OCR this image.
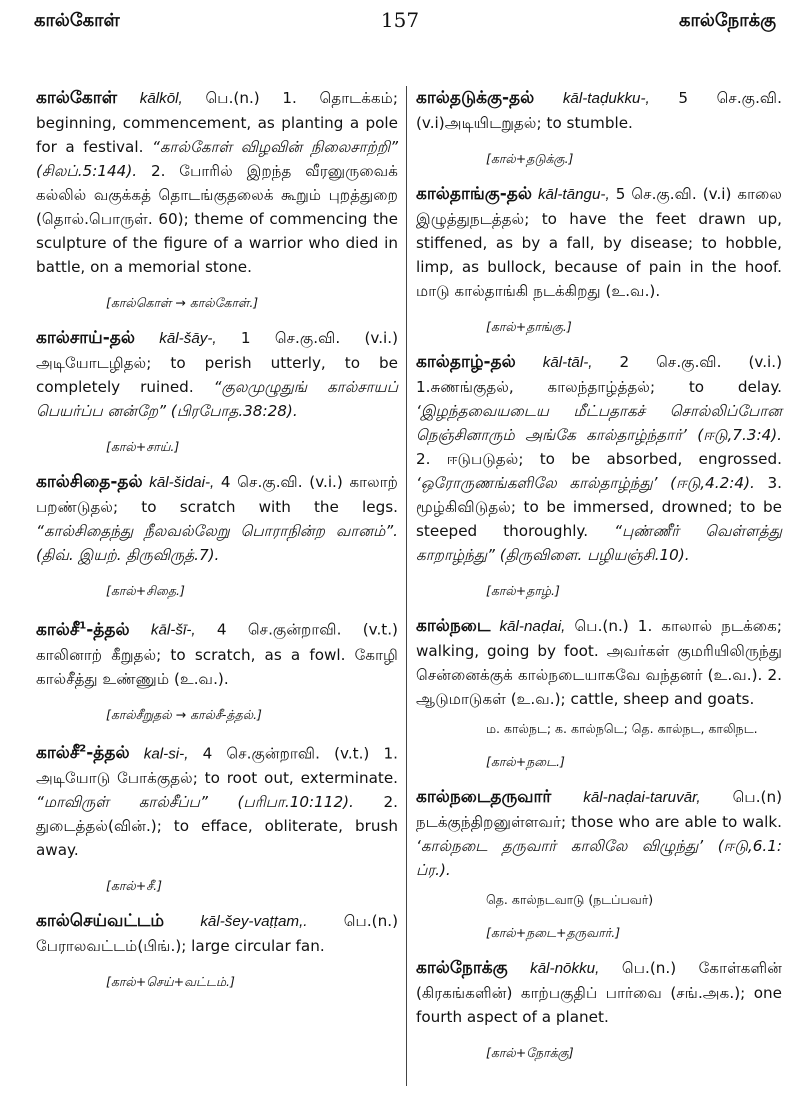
கால்கோள்	157	கால்நோக்கு

கால்கோள் kālkōl, பெ.(n.) 1. தொடக்கம்; beginning, commencement, as planting a pole for a festival. “கால்கோள் விழவின் நிலைசாற்றி” (சிலப்.5:144). 2. போரில் இறந்த வீரனுருவைக் கல்லில் வகுக்கத் தொடங்குதலைக் கூறும் புறத்துறை (தொல்.பொருள். 60); theme of commencing the sculpture of the figure of a warrior who died in battle, on a memorial stone.

[கால்கொள் → கால்கோள்.]

கால்சாய்-தல் kāl-šāy-, 1 செ.கு.வி. (v.i.) அடியோடழிதல்; to perish utterly, to be completely ruined. “குலமுழுதுங் கால்சாயப் பெயர்ப்ப னன்றே” (பிரபோத.38:28).

[கால்+சாய்.]

கால்சிதை-தல் kāl-šidai-, 4 செ.கு.வி. (v.i.) காலாற் பறண்டுதல்; to scratch with the legs. “கால்சிதைந்து நீலவல்லேறு பொராநின்ற வானம்”. (திவ். இயற். திருவிருத்.7).

[கால்+சிதை.]

கால்சீ$^1$-த்தல் kāl-šī-, 4 செ.குன்றாவி. (v.t.) காலினாற் கீறுதல்; to scratch, as a fowl. கோழி கால்சீத்து உண்ணும் (உ.வ.).

[கால்சீறுதல் → கால்சீ-த்தல்.]

கால்சீ$^2$-த்தல் kal-si-, 4 செ.குன்றாவி. (v.t.) 1. அடியோடு போக்குதல்; to root out, exterminate. “மாவிருள் கால்சீப்ப” (பரிபா.10:112). 2. துடைத்தல்(வின்.); to efface, obliterate, brush away.

[கால்+சீ.]

கால்செய்வட்டம் kāl-šey-vaṭṭam,. பெ.(n.) பேராலவட்டம்(பிங்.); large circular fan.

[கால்+செய்+வட்டம்.]

கால்தடுக்கு-தல் kāl-taḍukku-, 5 செ.கு.வி. (v.i)அடியிடறுதல்; to stumble.

[கால்+தடுக்கு.]

கால்தாங்கு-தல் kāl-tāngu-, 5 செ.கு.வி. (v.i) காலை இழுத்துநடத்தல்; to have the feet drawn up, stiffened, as by a fall, by disease; to hobble, limp, as bullock, because of pain in the hoof. மாடு கால்தாங்கி நடக்கிறது (உ.வ.).

[கால்+தாங்கு.]

கால்தாழ்-தல் kāl-tāl-, 2 செ.கு.வி. (v.i.) 1.சுணங்குதல், காலந்தாழ்த்தல்; to delay. ‘இழந்தவையடைய மீட்பதாகச் சொல்லிப்போன நெஞ்சினாரும் அங்கே கால்தாழ்ந்தார்’ (ஈடு,7.3:4). 2. ஈடுபடுதல்; to be absorbed, engrossed. ‘ஒரோருணங்களிலே கால்தாழ்ந்து’ (ஈடு,4.2:4). 3. மூழ்கிவிடுதல்; to be immersed, drowned; to be steeped thoroughly. “புண்ணீர் வெள்ளத்து காறாழ்ந்து” (திருவிளை. பழியஞ்சி.10).

[கால்+தாழ்.]

கால்நடை kāl-naḍai, பெ.(n.) 1. காலால் நடக்கை; walking, going by foot. அவர்கள் குமரியிலிருந்து சென்னைக்குக் கால்நடையாகவே வந்தனர் (உ.வ.). 2. ஆடுமாடுகள் (உ.வ.); cattle, sheep and goats.

ம. கால்நட; க. கால்நடெ; தெ. கால்நட, காலிநட.
[கால்+நடை.]

கால்நடைதருவார் kāl-naḍai-taruvār, பெ.(n) நடக்குந்திறனுள்ளவர்; those who are able to walk. ‘கால்நடை தருவார் காலிலே விழுந்து’ (ஈடு,6.1: ப்ர.).

தெ. கால்நடவாடு (நடப்பவர்)
[கால்+நடை+தருவார்.]

கால்நோக்கு kāl-nōkku, பெ.(n.) கோள்களின் (கிரகங்களின்) காற்பகுதிப் பார்வை (சங்.அக.); one fourth aspect of a planet.

[கால்+நோக்கு]
